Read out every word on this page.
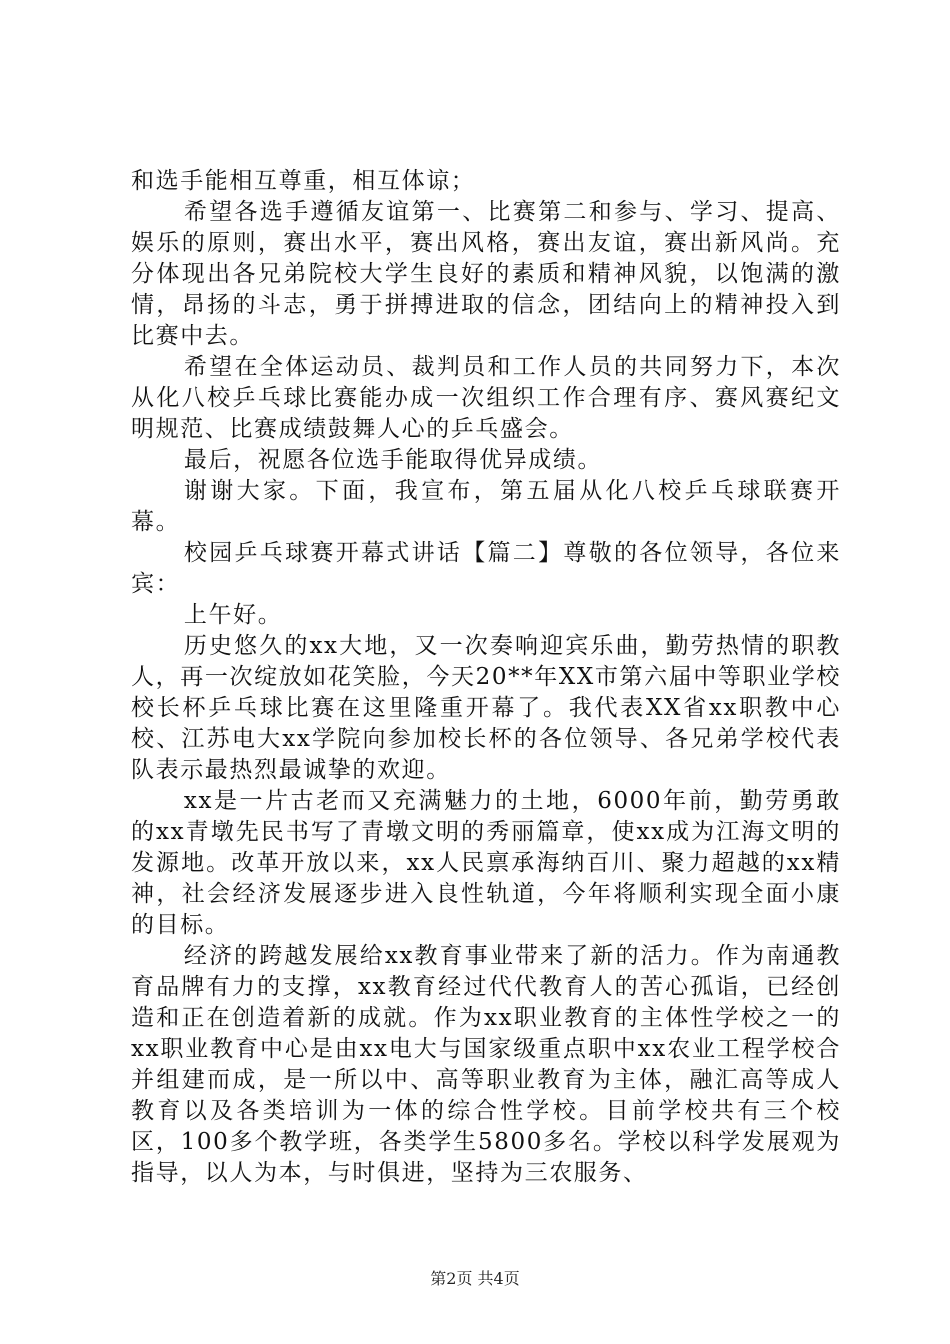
和选手能相互尊重，相互体谅；

希望各选手遵循友谊第一、比赛第二和参与、学习、提高、娱乐的原则，赛出水平，赛出风格，赛出友谊，赛出新风尚。充分体现出各兄弟院校大学生良好的素质和精神风貌，以饱满的激情，昂扬的斗志，勇于拼搏进取的信念，团结向上的精神投入到比赛中去。

希望在全体运动员、裁判员和工作人员的共同努力下，本次从化八校乒乓球比赛能办成一次组织工作合理有序、赛风赛纪文明规范、比赛成绩鼓舞人心的乒乓盛会。

最后，祝愿各位选手能取得优异成绩。

谢谢大家。下面，我宣布，第五届从化八校乒乓球联赛开幕。

校园乒乓球赛开幕式讲话【篇二】尊敬的各位领导，各位来宾：

上午好。

历史悠久的xx大地，又一次奏响迎宾乐曲，勤劳热情的职教人，再一次绽放如花笑脸，今天20**年XX市第六届中等职业学校校长杯乒乓球比赛在这里隆重开幕了。我代表XX省xx职教中心校、江苏电大xx学院向参加校长杯的各位领导、各兄弟学校代表队表示最热烈最诚挚的欢迎。

xx是一片古老而又充满魅力的土地，6000年前，勤劳勇敢的xx青墩先民书写了青墩文明的秀丽篇章，使xx成为江海文明的发源地。改革开放以来，xx人民禀承海纳百川、聚力超越的xx精神，社会经济发展逐步进入良性轨道，今年将顺利实现全面小康的目标。

经济的跨越发展给xx教育事业带来了新的活力。作为南通教育品牌有力的支撑，xx教育经过代代教育人的苦心孤诣，已经创造和正在创造着新的成就。作为xx职业教育的主体性学校之一的xx职业教育中心是由xx电大与国家级重点职中xx农业工程学校合并组建而成，是一所以中、高等职业教育为主体，融汇高等成人教育以及各类培训为一体的综合性学校。目前学校共有三个校区，100多个教学班，各类学生5800多名。学校以科学发展观为指导，以人为本，与时俱进，坚持为三农服务、

第2页 共4页
